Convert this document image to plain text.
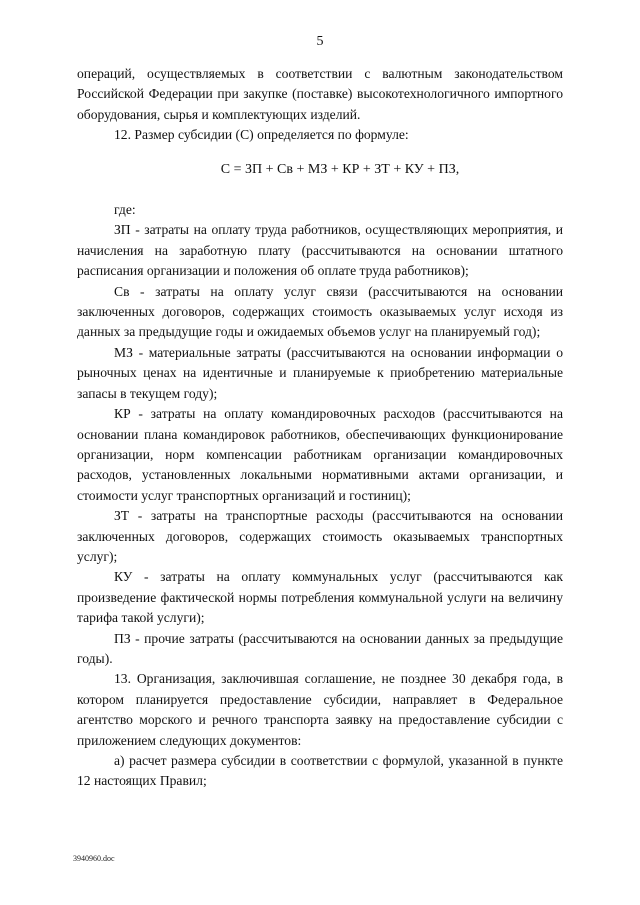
5

операций, осуществляемых в соответствии с валютным законодательством Российской Федерации при закупке (поставке) высокотехнологичного импортного оборудования, сырья и комплектующих изделий.

12. Размер субсидии (С) определяется по формуле:

С = ЗП + Св + МЗ + КР + ЗТ + КУ + ПЗ,

где:

ЗП - затраты на оплату труда работников, осуществляющих мероприятия, и начисления на заработную плату (рассчитываются на основании штатного расписания организации и положения об оплате труда работников);

Св - затраты на оплату услуг связи (рассчитываются на основании заключенных договоров, содержащих стоимость оказываемых услуг исходя из данных за предыдущие годы и ожидаемых объемов услуг на планируемый год);

МЗ - материальные затраты (рассчитываются на основании информации о рыночных ценах на идентичные и планируемые к приобретению материальные запасы в текущем году);

КР - затраты на оплату командировочных расходов (рассчитываются на основании плана командировок работников, обеспечивающих функционирование организации, норм компенсации работникам организации командировочных расходов, установленных локальными нормативными актами организации, и стоимости услуг транспортных организаций и гостиниц);

ЗТ - затраты на транспортные расходы (рассчитываются на основании заключенных договоров, содержащих стоимость оказываемых транспортных услуг);

КУ - затраты на оплату коммунальных услуг (рассчитываются как произведение фактической нормы потребления коммунальной услуги на величину тарифа такой услуги);

ПЗ - прочие затраты (рассчитываются на основании данных за предыдущие годы).

13. Организация, заключившая соглашение, не позднее 30 декабря года, в котором планируется предоставление субсидии, направляет в Федеральное агентство морского и речного транспорта заявку на предоставление субсидии с приложением следующих документов:

а) расчет размера субсидии в соответствии с формулой, указанной в пункте 12 настоящих Правил;

3940960.doc
